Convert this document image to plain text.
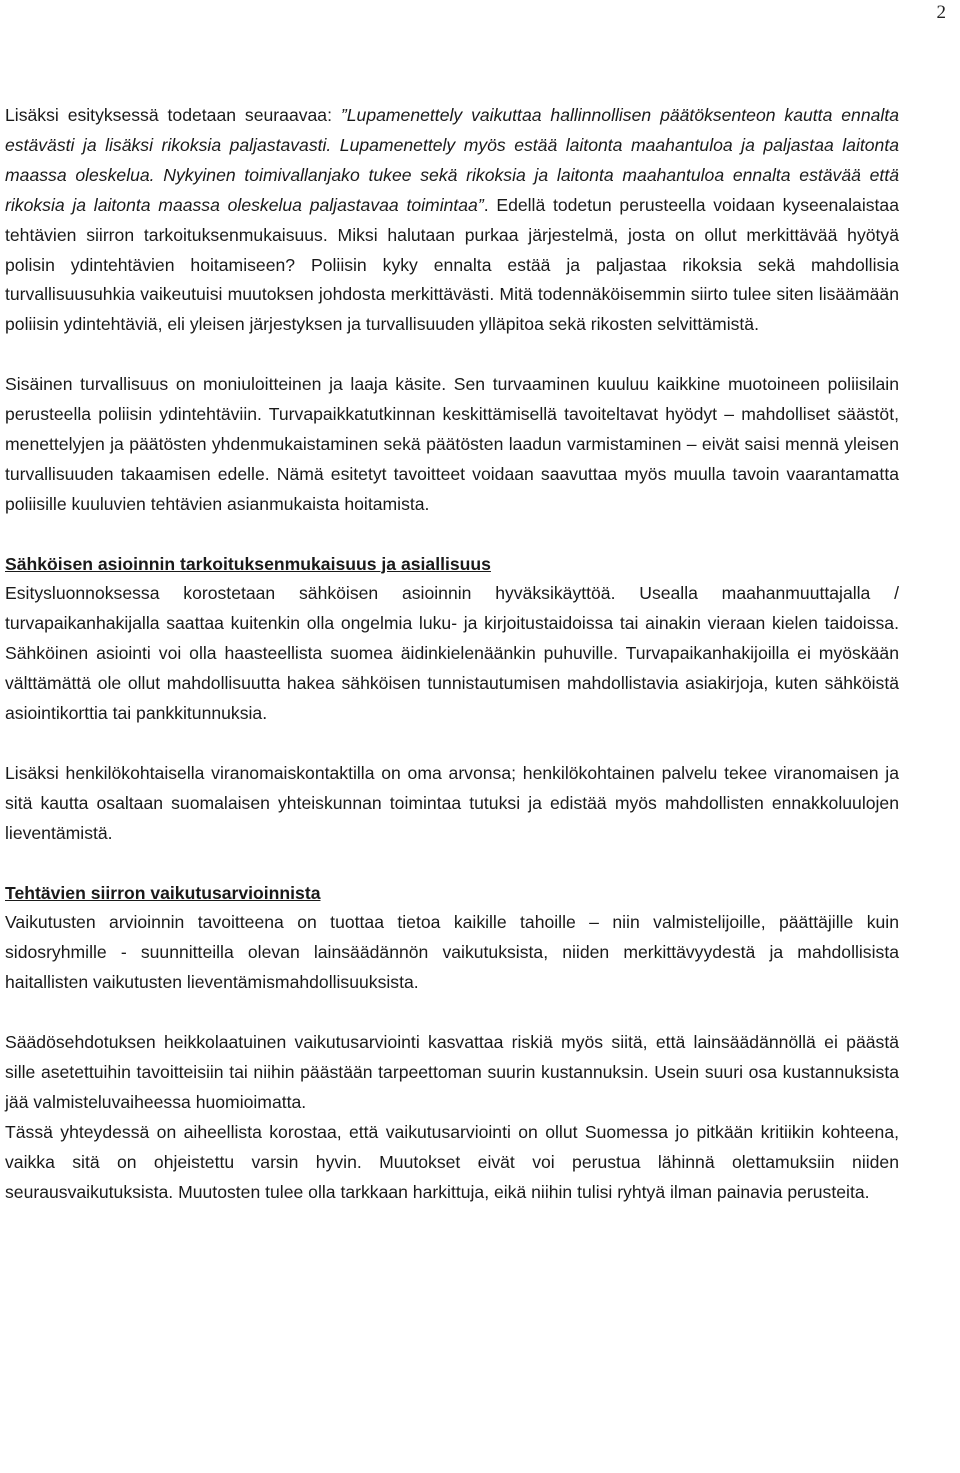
2

Lisäksi esityksessä todetaan seuraavaa: ”Lupamenettely vaikuttaa hallinnollisen päätöksenteon kautta ennalta estävästi ja lisäksi rikoksia paljastavasti. Lupamenettely myös estää laitonta maahantuloa ja paljastaa laitonta maassa oleskelua. Nykyinen toimivallanjako tukee sekä rikoksia ja laitonta maahantuloa ennalta estävää että rikoksia ja laitonta maassa oleskelua paljastavaa toimintaa”. Edellä todetun perusteella voidaan kyseenalaistaa tehtävien siirron tarkoituksenmukaisuus. Miksi halutaan purkaa järjestelmä, josta on ollut merkittävää hyötyä polisin ydintehtävien hoitamiseen? Poliisin kyky ennalta estää ja paljastaa rikoksia sekä mahdollisia turvallisuusuhkia vaikeutuisi muutoksen johdosta merkittävästi. Mitä todennäköisemmin siirto tulee siten lisäämään poliisin ydintehtäviä, eli yleisen järjestyksen ja turvallisuuden ylläpitoa sekä rikosten selvittämistä.

Sisäinen turvallisuus on moniuloitteinen ja laaja käsite. Sen turvaaminen kuuluu kaikkine muotoineen poliisilain perusteella poliisin ydintehtäviin. Turvapaikkatutkinnan keskittämisellä tavoiteltavat hyödyt – mahdolliset säästöt, menettelyjen ja päätösten yhdenmukaistaminen sekä päätösten laadun varmistaminen – eivät saisi mennä yleisen turvallisuuden takaamisen edelle. Nämä esitetyt tavoitteet voidaan saavuttaa myös muulla tavoin vaarantamatta poliisille kuuluvien tehtävien asianmukaista hoitamista.

Sähköisen asioinnin tarkoituksenmukaisuus ja asiallisuus

Esitysluonnoksessa korostetaan sähköisen asioinnin hyväksikäyttöä. Usealla maahanmuuttajalla / turvapaikanhakijalla saattaa kuitenkin olla ongelmia luku- ja kirjoitustaidoissa tai ainakin vieraan kielen taidoissa. Sähköinen asiointi voi olla haasteellista suomea äidinkielenäänkin puhuville. Turvapaikanhakijoilla ei myöskään välttämättä ole ollut mahdollisuutta hakea sähköisen tunnistautumisen mahdollistavia asiakirjoja, kuten sähköistä asiointikorttia tai pankkitunnuksia.

Lisäksi henkilökohtaisella viranomaiskontaktilla on oma arvonsa; henkilökohtainen palvelu tekee viranomaisen ja sitä kautta osaltaan suomalaisen yhteiskunnan toimintaa tutuksi ja edistää myös mahdollisten ennakkoluulojen lieventämistä.

Tehtävien siirron vaikutusarvioinnista

Vaikutusten arvioinnin tavoitteena on tuottaa tietoa kaikille tahoille – niin valmistelijoille, päättäjille kuin sidosryhmille - suunnitteilla olevan lainsäädännön vaikutuksista, niiden merkittävyydestä ja mahdollisista haitallisten vaikutusten lieventämismahdollisuuksista.

Säädösehdotuksen heikkolaatuinen vaikutusarviointi kasvattaa riskiä myös siitä, että lainsäädännöllä ei päästä sille asetettuihin tavoitteisiin tai niihin päästään tarpeettoman suurin kustannuksin. Usein suuri osa kustannuksista jää valmisteluvaiheessa huomioimatta.

Tässä yhteydessä on aiheellista korostaa, että vaikutusarviointi on ollut Suomessa jo pitkään kritiikin kohteena, vaikka sitä on ohjeistettu varsin hyvin. Muutokset eivät voi perustua lähinnä olettamuksiin niiden seurausvaikutuksista. Muutosten tulee olla tarkkaan harkittuja, eikä niihin tulisi ryhtyä ilman painavia perusteita.
